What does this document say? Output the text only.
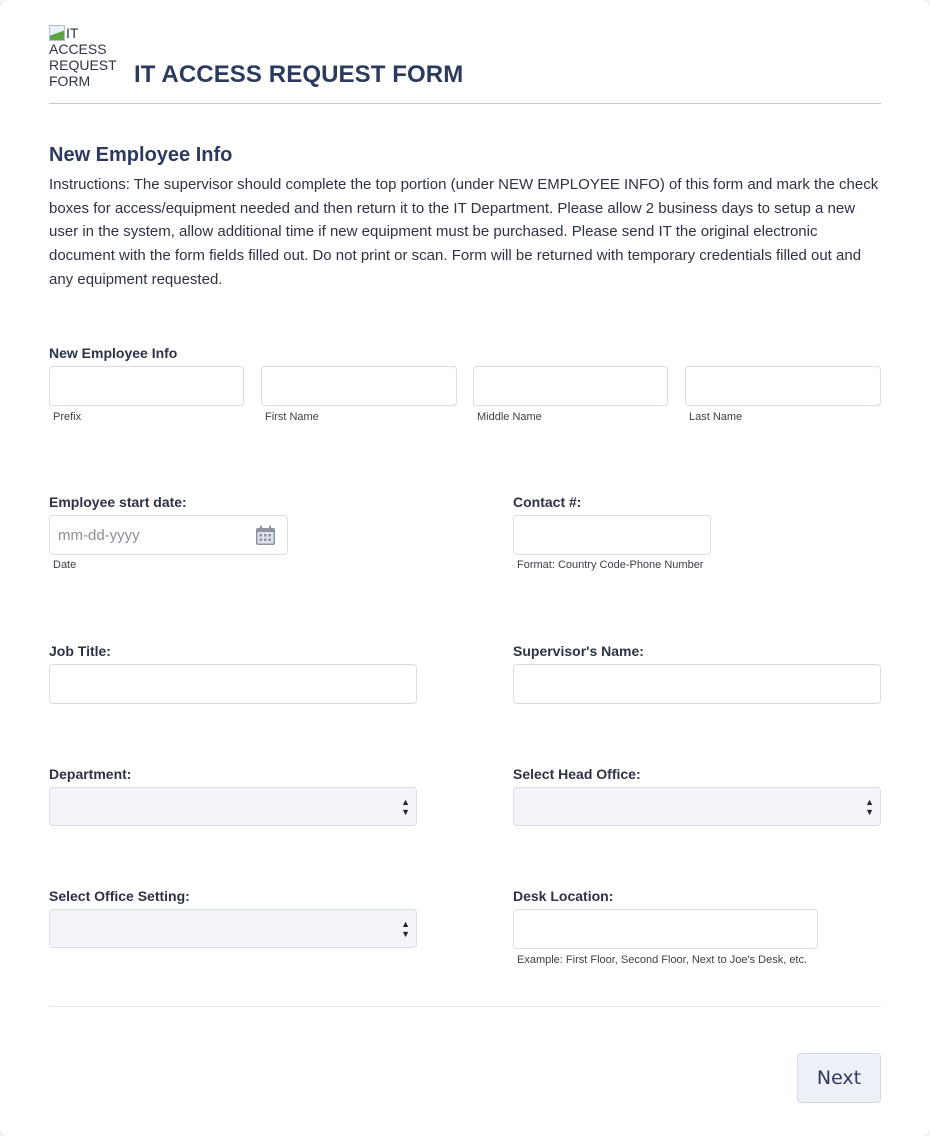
IT
ACCESS
REQUEST
FORM	IT ACCESS REQUEST FORM
New Employee Info
Instructions: The supervisor should complete the top portion (under NEW EMPLOYEE INFO) of this form and mark the check boxes for access/equipment needed and then return it to the IT Department. Please allow 2 business days to setup a new user in the system, allow additional time if new equipment must be purchased. Please send IT the original electronic document with the form fields filled out. Do not print or scan. Form will be returned with temporary credentials filled out and any equipment requested.
New Employee Info
Prefix	First Name	Middle Name	Last Name
Employee start date:
mm-dd-yyyy
Date
Contact #:
Format: Country Code-Phone Number
Job Title:	Supervisor's Name:
Department:
▲
▼
Select Head Office:
▲
▼
Select Office Setting:
▲
▼
Desk Location:
Example: First Floor, Second Floor, Next to Joe's Desk, etc.
Next
